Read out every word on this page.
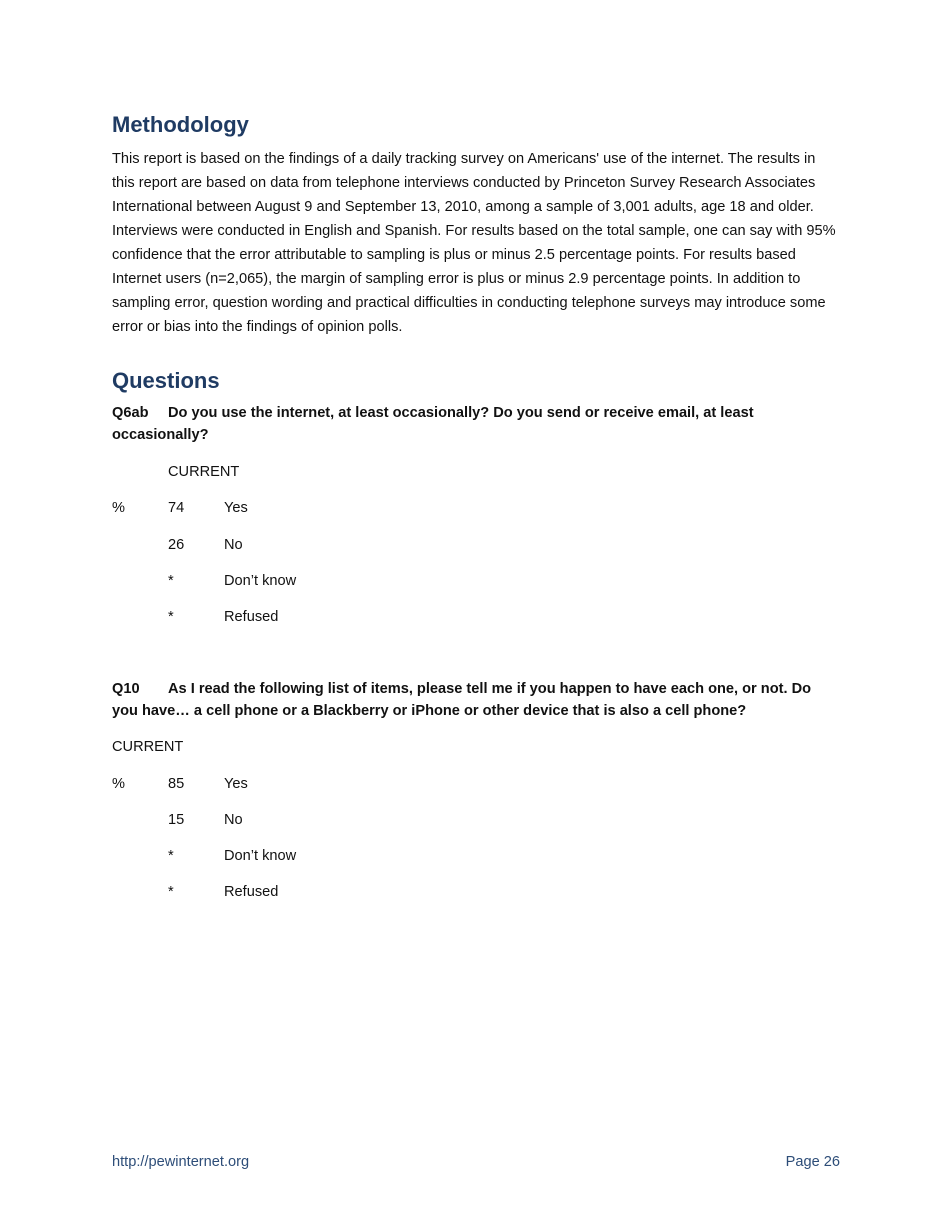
Methodology

This report is based on the findings of a daily tracking survey on Americans' use of the internet. The results in this report are based on data from telephone interviews conducted by Princeton Survey Research Associates International between August 9 and September 13, 2010, among a sample of 3,001 adults, age 18 and older. Interviews were conducted in English and Spanish. For results based on the total sample, one can say with 95% confidence that the error attributable to sampling is plus or minus 2.5 percentage points. For results based Internet users (n=2,065), the margin of sampling error is plus or minus 2.9 percentage points. In addition to sampling error, question wording and practical difficulties in conducting telephone surveys may introduce some error or bias into the findings of opinion polls.

Questions

Q6ab Do you use the internet, at least occasionally? Do you send or receive email, at least occasionally?

CURRENT
%	74	Yes
26	No
*	Don’t know
*	Refused

Q10 As I read the following list of items, please tell me if you happen to have each one, or not. Do you have… a cell phone or a Blackberry or iPhone or other device that is also a cell phone?

CURRENT
%	85	Yes
15	No
*	Don’t know
*	Refused
http://pewinternet.org	Page 26
